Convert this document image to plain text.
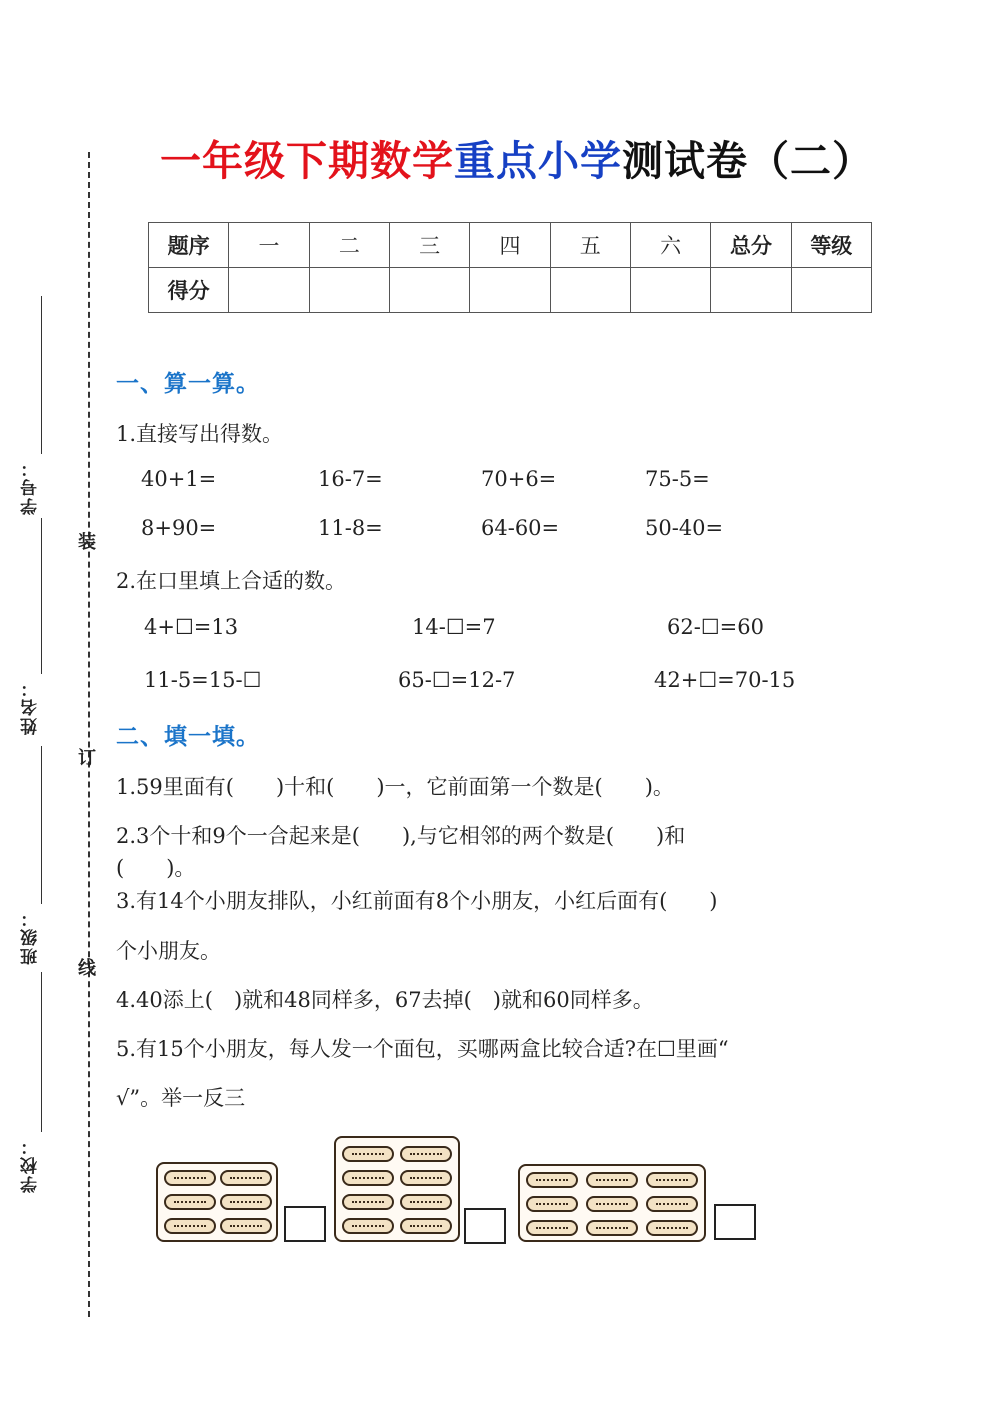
装
订
线
学号：
姓名：
班级：
学校：
一年级下期数学重点小学测试卷（二）
题序	一	二	三	四	五	六	总分	等级
得分								
一、算一算。
1.直接写出得数。
40+1=	16-7=	70+6=	75-5=
8+90=	11-8=	64-60=	50-40=
2.在口里填上合适的数。
4+☐=13	14-☐=7	62-☐=60
11-5=15-☐	65-☐=12-7	42+☐=70-15
二、填一填。
1.59里面有(　　)十和(　　)一，它前面第一个数是(　　)。
2.3个十和9个一合起来是(　　),与它相邻的两个数是(　　)和
(　　)。
3.有14个小朋友排队，小红前面有8个小朋友，小红后面有(　　)
个小朋友。
4.40添上(　)就和48同样多，67去掉(　)就和60同样多。
5.有15个小朋友，每人发一个面包，买哪两盒比较合适?在☐里画“
√”。举一反三
